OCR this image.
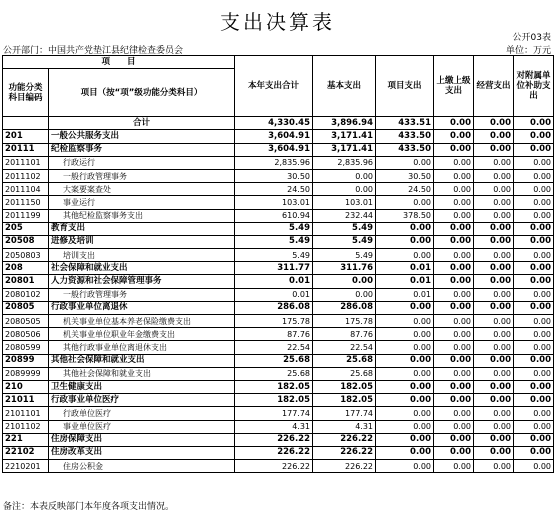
支出决算表
公开03表
公开部门：中国共产党垫江县纪律检查委员会	单位：万元
项　　目		本年支出合计	基本支出	项目支出	上缴上级支出	经营支出	对附属单位补助支出
功能分类科目编码	项目（按“项”级功能分类科目）						
	合计	4,330.45	3,896.94	433.51	0.00	0.00	0.00
201	一般公共服务支出	3,604.91	3,171.41	433.50	0.00	0.00	0.00
20111	纪检监察事务	3,604.91	3,171.41	433.50	0.00	0.00	0.00
2011101	行政运行	2,835.96	2,835.96	0.00	0.00	0.00	0.00
2011102	一般行政管理事务	30.50	0.00	30.50	0.00	0.00	0.00
2011104	大案要案查处	24.50	0.00	24.50	0.00	0.00	0.00
2011150	事业运行	103.01	103.01	0.00	0.00	0.00	0.00
2011199	其他纪检监察事务支出	610.94	232.44	378.50	0.00	0.00	0.00
205	教育支出	5.49	5.49	0.00	0.00	0.00	0.00
20508	进修及培训	5.49	5.49	0.00	0.00	0.00	0.00
2050803	培训支出	5.49	5.49	0.00	0.00	0.00	0.00
208	社会保障和就业支出	311.77	311.76	0.01	0.00	0.00	0.00
20801	人力资源和社会保障管理事务	0.01	0.00	0.01	0.00	0.00	0.00
2080102	一般行政管理事务	0.01	0.00	0.01	0.00	0.00	0.00
20805	行政事业单位离退休	286.08	286.08	0.00	0.00	0.00	0.00
2080505	机关事业单位基本养老保险缴费支出	175.78	175.78	0.00	0.00	0.00	0.00
2080506	机关事业单位职业年金缴费支出	87.76	87.76	0.00	0.00	0.00	0.00
2080599	其他行政事业单位离退休支出	22.54	22.54	0.00	0.00	0.00	0.00
20899	其他社会保障和就业支出	25.68	25.68	0.00	0.00	0.00	0.00
2089999	其他社会保障和就业支出	25.68	25.68	0.00	0.00	0.00	0.00
210	卫生健康支出	182.05	182.05	0.00	0.00	0.00	0.00
21011	行政事业单位医疗	182.05	182.05	0.00	0.00	0.00	0.00
2101101	行政单位医疗	177.74	177.74	0.00	0.00	0.00	0.00
2101102	事业单位医疗	4.31	4.31	0.00	0.00	0.00	0.00
221	住房保障支出	226.22	226.22	0.00	0.00	0.00	0.00
22102	住房改革支出	226.22	226.22	0.00	0.00	0.00	0.00
2210201	住房公积金	226.22	226.22	0.00	0.00	0.00	0.00
备注：本表反映部门本年度各项支出情况。
